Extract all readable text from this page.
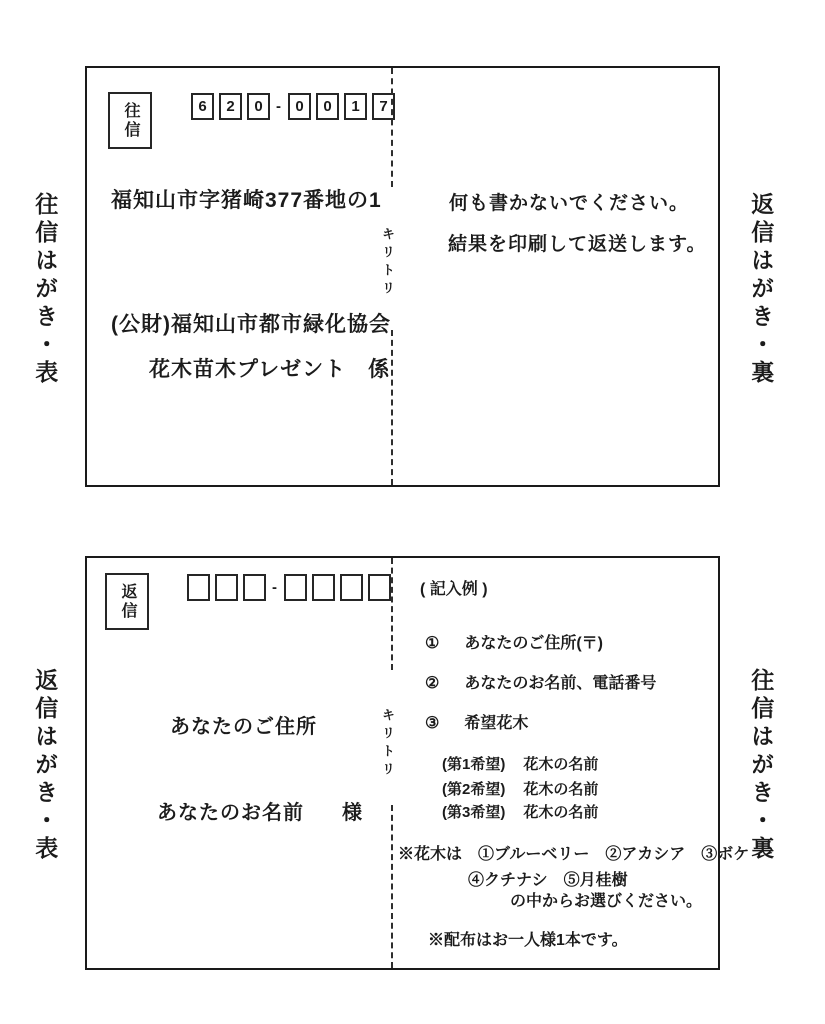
往信はがき・表	返信はがき・裏
返信はがき・表	往信はがき・裏
往信	6	2	0 - 0	0	1	7
福知山市字猪崎377番地の1
(公財)福知山市都市緑化協会
花木苗木プレゼント　係
キリトリ
何も書かないでください。
結果を印刷して返送します。
返信	-
あなたのご住所
あなたのお名前 様
キリトリ
( 記入例 )
① あなたのご住所(〒)
② あなたのお名前、電話番号
③ 希望花木
(第1希望) 花木の名前
(第2希望) 花木の名前
(第3希望) 花木の名前
※花木は　①ブルーベリー　②アカシア　③ボケ
④クチナシ　⑤月桂樹
の中からお選びください。
※配布はお一人様1本です。
